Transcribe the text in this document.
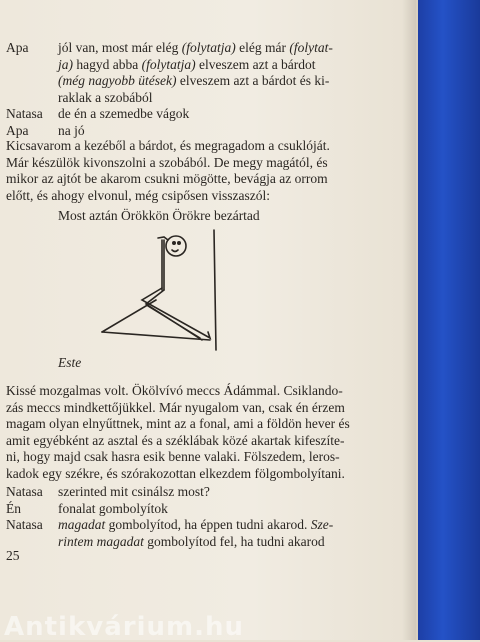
Apa jól van, most már elég (folytatja) elég már (folytat-
ja) hagyd abba (folytatja) elveszem azt a bárdot
(még nagyobb ütések) elveszem azt a bárdot és ki-
raklak a szobából
Natasa de én a szemedbe vágok
Apa na jó
Kicsavarom a kezéből a bárdot, és megragadom a csuklóját.
Már készülök kivonszolni a szobából. De megy magától, és
mikor az ajtót be akarom csukni mögötte, bevágja az orrom
előtt, és ahogy elvonul, még csipősen visszaszól:
Most aztán Örökkön Örökre bezártad
Este
Kissé mozgalmas volt. Ökölvívó meccs Ádámmal. Csiklando-
zás meccs mindkettőjükkel. Már nyugalom van, csak én érzem
magam olyan elnyűttnek, mint az a fonal, ami a földön hever és
amit egyébként az asztal és a széklábak közé akartak kifeszíte-
ni, hogy majd csak hasra esik benne valaki. Fölszedem, leros-
kadok egy székre, és szórakozottan elkezdem fölgombolyítani.
Natasa szerinted mit csinálsz most?
Én	fonalat gombolyítok
Natasa magadat gombolyítod, ha éppen tudni akarod. Sze-
rintem magadat gombolyítod fel, ha tudni akarod
25
Antikvárium.hu
